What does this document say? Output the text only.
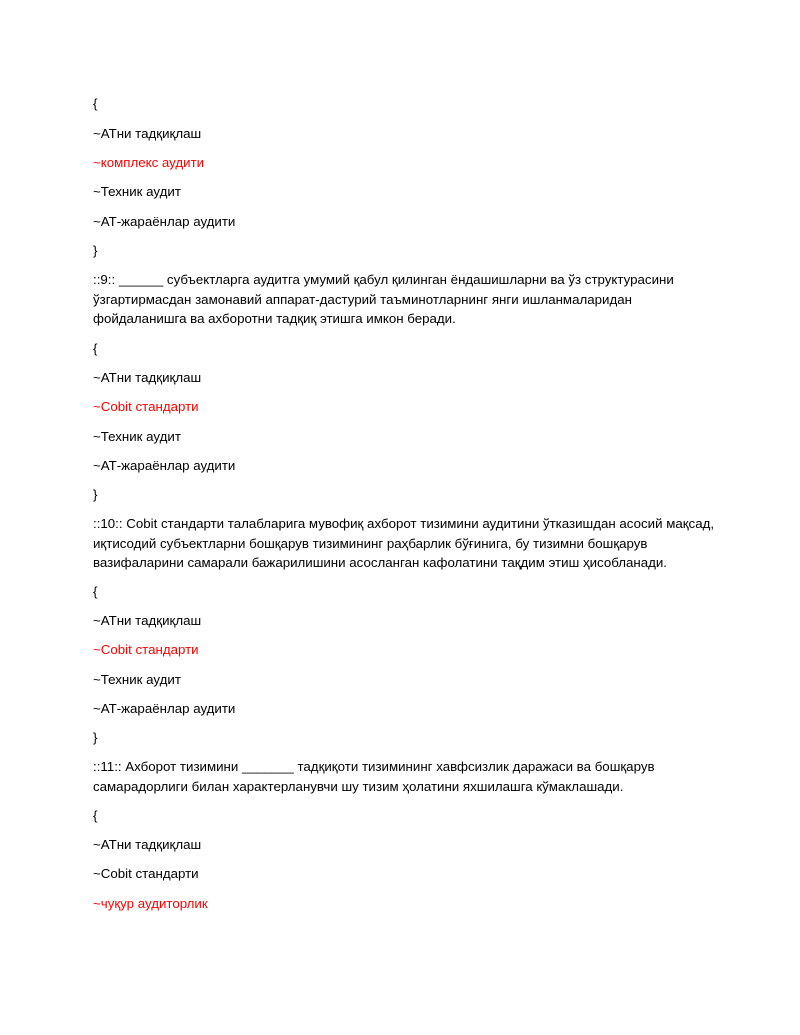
{
~АТни тадқиқлаш
~комплекс аудити
~Техник аудит
~АТ-жараёнлар аудити
}
::9:: ______ субъектларга аудитга умумий қабул қилинган ёндашишларни ва ўз структурасини ўзгартирмасдан замонавий аппарат-дастурий таъминотларнинг янги ишланмаларидан фойдаланишга ва ахборотни тадқиқ этишга имкон беради.
{
~АТни тадқиқлаш
~Cobit стандарти
~Техник аудит
~АТ-жараёнлар аудити
}
::10:: Cobit стандарти талабларига мувофиқ ахборот тизимини аудитини ўтказишдан асосий мақсад, иқтисодий субъектларни бошқарув тизимининг раҳбарлик бўғинига, бу тизимни бошқарув вазифаларини самарали бажарилишини асосланган кафолатини тақдим этиш ҳисобланади.
{
~АТни тадқиқлаш
~Cobit стандарти
~Техник аудит
~АТ-жараёнлар аудити
}
::11:: Ахборот тизимини _______ тадқиқоти тизимининг хавфсизлик даражаси ва бошқарув самарадорлиги билан характерланувчи шу тизим ҳолатини яхшилашга кўмаклашади.
{
~АТни тадқиқлаш
~Cobit стандарти
~чуқур аудиторлик
